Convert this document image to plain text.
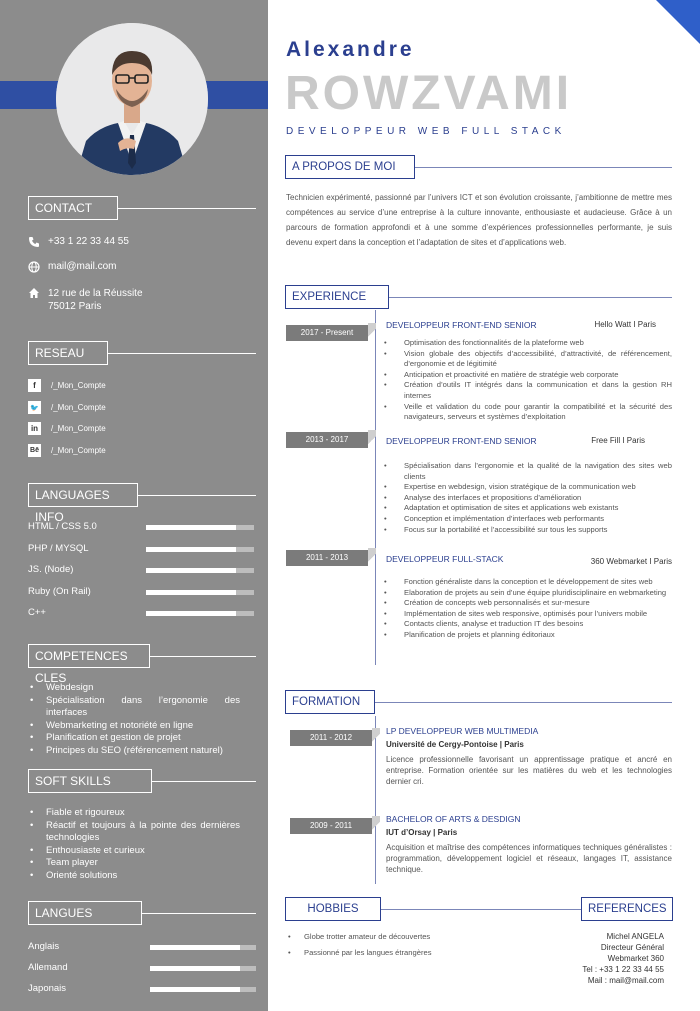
CONTACT
+33 1 22 33 44 55
mail@mail.com
12 rue de la Réussite
75012 Paris
RESEAU
f	/_Mon_Compte
🐦 /_Mon_Compte
in	/_Mon_Compte
Bē /_Mon_Compte
LANGUAGES INFO
HTML / CSS 5.0
PHP / MYSQL
JS. (Node)
Ruby (On Rail)
C++
COMPETENCES CLES
• Webdesign
• Spécialisation dans l’ergonomie des interfaces
• Webmarketing et notoriété en ligne
• Planification et gestion de projet
• Principes du SEO (référencement naturel)
SOFT SKILLS
• Fiable et rigoureux
• Réactif et toujours à la pointe des dernières technologies
• Enthousiaste et curieux
• Team player
• Orienté solutions
LANGUES
Anglais
Allemand
Japonais
Alexandre
ROWZVAMI
DEVELOPPEUR WEB FULL STACK
A PROPOS DE MOI
Technicien expérimenté, passionné par l’univers ICT et son évolution croissante, j’ambitionne de mettre mes compétences au service d’une entreprise à la culture innovante, enthousiaste et audacieuse. Grâce à un parcours de formation approfondi et à une somme d’expériences professionnelles performante, je suis devenu expert dans la conception et l’adaptation de sites et d’applications web.
EXPERIENCE
2017 - Present
DEVELOPPEUR FRONT-END SENIOR	Hello Watt I Paris
• Optimisation des fonctionnalités de la plateforme web
• Vision globale des objectifs d’accessibilité, d’attractivité, de référencement, d’ergonomie et de légitimité
• Anticipation et proactivité en matière de stratégie web corporate
• Création d’outils IT intégrés dans la communication et dans la gestion RH internes
• Veille et validation du code pour garantir la compatibilité et la sécurité des navigateurs, serveurs et systèmes d’exploitation
2013 - 2017	DEVELOPPEUR FRONT-END SENIOR	Free Fill I Paris
• Spécialisation dans l’ergonomie et la qualité de la navigation des sites web clients
• Expertise en webdesign, vision stratégique de la communication web
• Analyse des interfaces et propositions d’amélioration
• Adaptation et optimisation de sites et applications web existants
• Conception et implémentation d’interfaces web performants
• Focus sur la portabilité et l’accessibilité sur tous les supports
2011 - 2013	DEVELOPPEUR FULL-STACK	360 Webmarket I Paris
• Fonction généraliste dans la conception et le développement de sites web
• Elaboration de projets au sein d’une équipe pluridisciplinaire en webmarketing
• Création de concepts web personnalisés et sur-mesure
• Implémentation de sites web responsive, optimisés pour l’univers mobile
• Contacts clients, analyse et traduction IT des besoins
• Planification de projets et planning éditoriaux
FORMATION
2011 - 2012
LP DEVELOPPEUR WEB MULTIMEDIA
Université de Cergy-Pontoise | Paris
Licence professionnelle favorisant un apprentissage pratique et ancré en entreprise. Formation orientée sur les matières du web et les technologies dernier cri.
2009 - 2011
BACHELOR OF ARTS & DESDIGN
IUT d’Orsay | Paris
Acquisition et maîtrise des compétences informatiques techniques généralistes : programmation, développement logiciel et réseaux, langages IT, assistance technique.
HOBBIES
• Globe trotter amateur de découvertes
• Passionné par les langues étrangères
REFERENCES
Michel ANGELA
Directeur Général
Webmarket 360
Tel : +33 1 22 33 44 55
Mail : mail@mail.com
